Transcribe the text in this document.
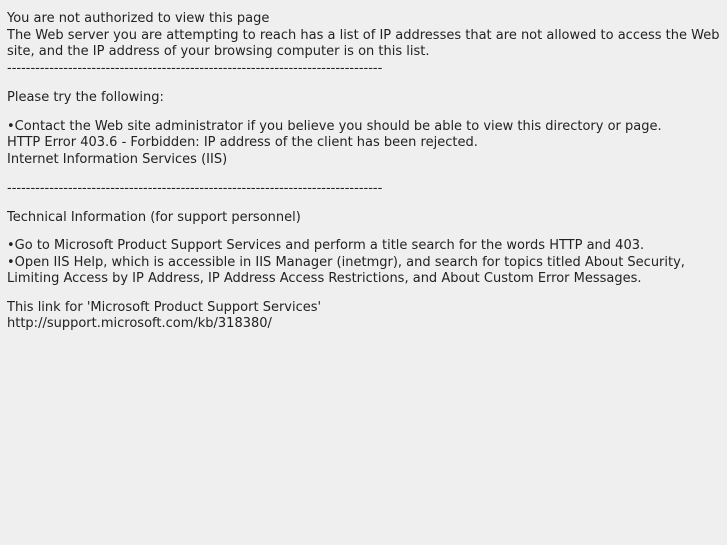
You are not authorized to view this page
The Web server you are attempting to reach has a list of IP addresses that are not allowed to access the Web site, and the IP address of your browsing computer is on this list.
--------------------------------------------------------------------------------
Please try the following:
•Contact the Web site administrator if you believe you should be able to view this directory or page.
HTTP Error 403.6 - Forbidden: IP address of the client has been rejected.
Internet Information Services (IIS)
--------------------------------------------------------------------------------
Technical Information (for support personnel)
•Go to Microsoft Product Support Services and perform a title search for the words HTTP and 403.
•Open IIS Help, which is accessible in IIS Manager (inetmgr), and search for topics titled About Security, Limiting Access by IP Address, IP Address Access Restrictions, and About Custom Error Messages.
This link for 'Microsoft Product Support Services'
http://support.microsoft.com/kb/318380/
